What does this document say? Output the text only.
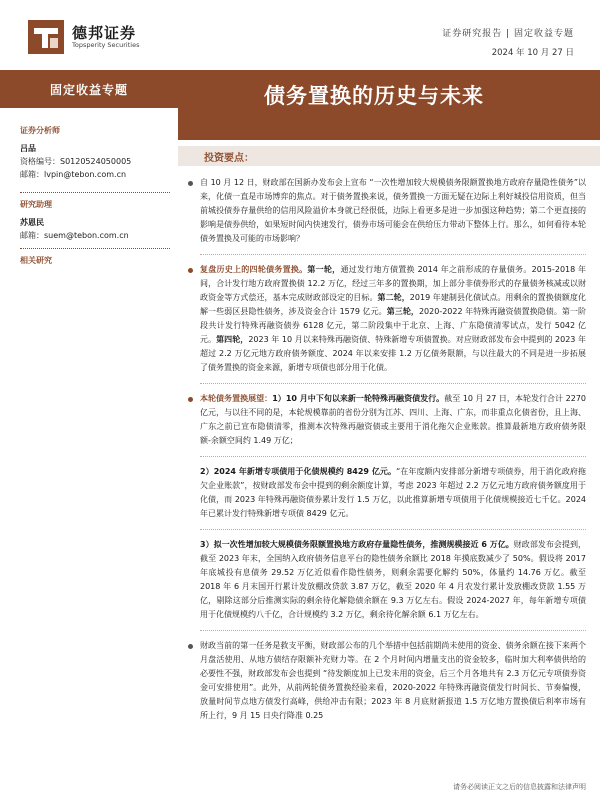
德邦证券
Topsperity Securities
证券研究报告 | 固定收益专题
2024 年 10 月 27 日
固定收益专题
证券分析师
吕品
资格编号：S0120524050005
邮箱：lvpin@tebon.com.cn
研究助理
苏恩民
邮箱：suem@tebon.com.cn
相关研究
债务置换的历史与未来
投资要点：
自 10 月 12 日，财政部在国新办发布会上宣布 “一次性增加较大规模债务限额置换地方政府存量隐性债务”以来，化债一直是市场博弈的焦点。对于债务置换来说，债务置换一方面无疑在边际上利好城投信用资质，但当前城投债券存量供给的信用风险溢价本身就已经很低，边际上看更多是进一步加强这种趋势；第二个更直接的影响是债券供给，如果短时间内快速发行，债券市场可能会在供给压力带动下整体上行。那么，如何看待本轮债务置换及可能的市场影响？
复盘历史上的四轮债务置换。第一轮，通过发行地方债置换 2014 年之前形成的存量债务。2015-2018 年间，合计发行地方政府置换债 12.2 万亿，经过三年多的置换期，加上部分非债券形式的存量债务核减或以财政资金等方式偿还，基本完成财政部设定的目标。第二轮，2019 年建制县化债试点。用剩余的置换债额度化解一些弱区县隐性债务，涉及资金合计 1579 亿元。第三轮，2020-2022 年特殊再融资债置换隐债。第一阶段共计发行特殊再融资债券 6128 亿元，第二阶段集中于北京、上海、广东隐债清零试点，发行 5042 亿元。第四轮，2023 年 10 月以来特殊再融资债、特殊新增专项债置换。对应财政部发布会中提到的 2023 年超过 2.2 万亿元地方政府债务额度、2024 年以来安排 1.2 万亿债务限额，与以往最大的不同是进一步拓展了债务置换的资金来源，新增专项债也部分用于化债。
本轮债务置换展望：1）10 月中下旬以来新一轮特殊再融资债发行。截至 10 月 27 日，本轮发行合计 2270 亿元，与以往不同的是，本轮规模靠前的省份分别为江苏、四川、上海、广东，而非重点化债省份，且上海、广东之前已宣布隐债清零，推测本次特殊再融资债或主要用于消化拖欠企业账款。推算最新地方政府债务限额-余额空间约 1.49 万亿；
2）2024 年新增专项债用于化债规模约 8429 亿元。“在年度额内安排部分新增专项债券，用于消化政府拖欠企业账款”，按财政部发布会中提到的剩余额度计算，考虑 2023 年超过 2.2 万亿元地方政府债务额度用于化债，而 2023 年特殊再融资债券累计发行 1.5 万亿，以此推算新增专项债用于化债规模接近七千亿。2024 年已累计发行特殊新增专项债 8429 亿元。
3）拟一次性增加较大规模债务限额置换地方政府存量隐性债务，推测规模接近 6 万亿。财政部发布会提到，截至 2023 年末，全国纳入政府债务信息平台的隐性债务余额比 2018 年摸底数减少了 50%。假设将 2017 年底城投有息债务 29.52 万亿近似看作隐性债务，则剩余需要化解约 50%，体量约 14.76 万亿。截至 2018 年 6 月末国开行累计发放棚改贷款 3.87 万亿，截至 2020 年 4 月农发行累计发放棚改贷款 1.55 万亿，剔除这部分后推测实际的剩余待化解隐债余额在 9.3 万亿左右。假设 2024-2027 年，每年新增专项债用于化债规模约八千亿，合计规模约 3.2 万亿，剩余待化解余额 6.1 万亿左右。
财政当前的第一任务是救支平衡，财政部公布的几个举措中包括前期尚未使用的资金、债务余额在接下来两个月盘活使用、从地方债结存限额补充财力等。在 2 个月时间内增量支出的资金较多，临时加大利率债供给的必要性不强，财政部发布会也提到 “待发额度加上已发未用的资金，后三个月各地共有 2.3 万亿元专项债券资金可安排使用”。此外，从前两轮债务置换经验来看，2020-2022 年特殊再融资债发行时间长、节奏偏慢，放量时间节点地方债发行高峰，供给冲击有限；2023 年 8 月底财新报道 1.5 万亿地方置换债后利率市场有所上行，9 月 15 日央行降准 0.25
请务必阅读正文之后的信息披露和法律声明
